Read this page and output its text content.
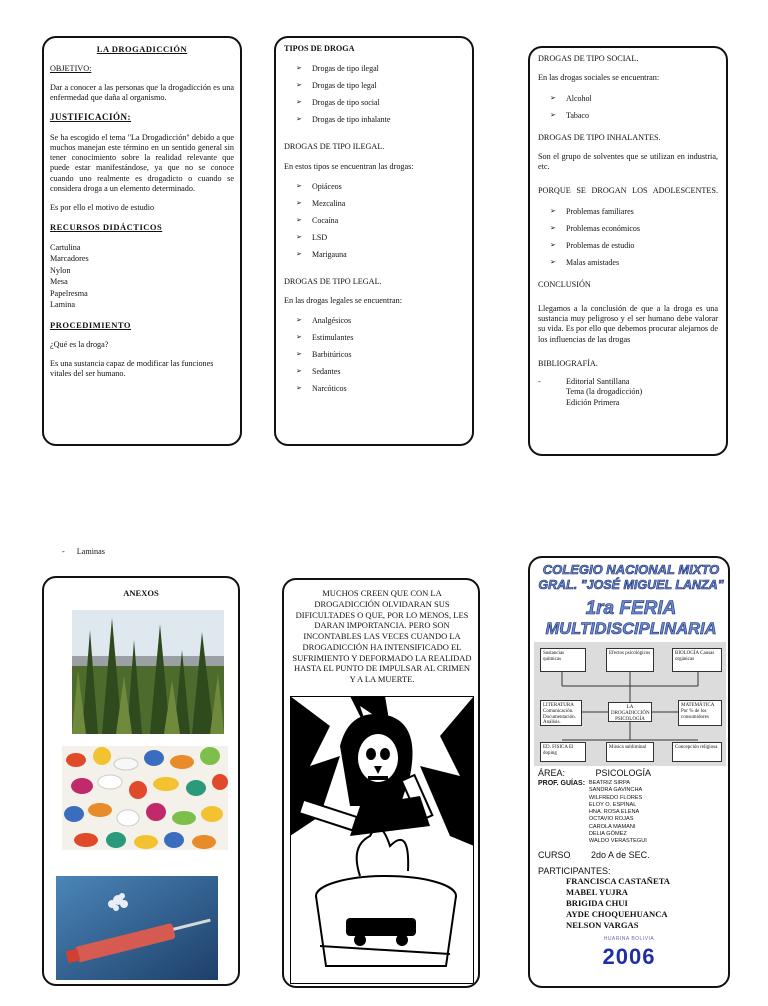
LA DROGADICCIÓN

OBJETIVO:

Dar a conocer a las personas que la drogadicción es una enfermedad que daña al organismo.

JUSTIFICACIÓN:

Se ha escogido el tema "La Drogadicción" debido a que muchos manejan este término en un sentido general sin tener conocimiento sobre la realidad relevante que puede estar manifestándose, ya que no se conoce cuando uno realmente es drogadicto o cuando se considera droga a un elemento determinado.

Es por ello el motivo de estudio

RECURSOS DIDÁCTICOS

Cartulina
Marcadores
Nylon
Mesa
Papelresma
Lamina

PROCEDIMIENTO

¿Qué es la droga?

Es una sustancia capaz de modificar las funciones vitales del ser humano.

TIPOS DE DROGA

➢ Drogas de tipo ilegal
➢ Drogas de tipo legal
➢ Drogas de tipo social
➢ Drogas de tipo inhalante

DROGAS DE TIPO ILEGAL.

En estos tipos se encuentran las drogas:

➢ Opiáceos
➢ Mezcalina
➢ Cocaína
➢ LSD
➢ Marigauna

DROGAS DE TIPO LEGAL.

En las drogas legales se encuentran:

➢ Analgésicos
➢ Estimulantes
➢ Barbitúricos
➢ Sedantes
➢ Narcóticos

DROGAS DE TIPO SOCIAL.

En las drogas sociales se encuentran:

➢ Alcohol
➢ Tabaco

DROGAS DE TIPO INHALANTES.

Son el grupo de solventes que se utilizan en industria, etc.

PORQUE SE DROGAN LOS ADOLESCENTES.

➢ Problemas familiares
➢ Problemas económicos
➢ Problemas de estudio
➢ Malas amistades

CONCLUSIÓN

Llegamos a la conclusión de que a la droga es una sustancia muy peligroso y el ser humano debe valorar su vida. Es por ello que debemos procurar alejarnos de los influencias de las drogas

BIBLIOGRAFÍA.

-	Editorial Santillana
Tema (la drogadicción)
Edición Primera
- Laminas

ANEXOS	MUCHOS CREEN QUE CON LA DROGADICCIÓN OLVIDARAN SUS DIFICULTADES O QUE, POR LO MENOS, LES DARAN IMPORTANCIA. PERO SON INCONTABLES LAS VECES CUANDO LA DROGADICCIÓN HA INTENSIFICADO EL SUFRIMIENTO Y DEFORMADO LA REALIDAD HASTA EL PUNTO DE IMPULSAR AL CRIMEN Y A LA MUERTE.

COLEGIO NACIONAL MIXTO
GRAL. "JOSÉ MIGUEL LANZA"
1ra FERIA
MULTIDISCIPLINARIA
Sustancias químicas
Efectos psicológicos	BIOLOGÍA Causas orgánicas
LITERATURA Comunicación. Documentación. Análisis.
LA DROGADICCIÓN PSICOLOGÍA
MATEMÁTICA Por % de los consumidores
ED. FISICA El doping
Música subliminal	Concepción religiosa
ÁREA:	PSICOLOGÍA
PROF. GUÍAS: BEATRIZ SIRPA
SANDRA GAVINCHA
WILFREDO FLORES
ELOY O. ESPINAL
HNA. ROSA ELENA
OCTAVIO ROJAS
CAROLA MAMANI
DELIA GÓMEZ
WALDO VERASTEGUI
CURSO 2do A de SEC.
PARTICIPANTES:
FRANCISCA CASTAÑETA
MABEL YUJRA
BRIGIDA CHUI
AYDE CHOQUEHUANCA
NELSON VARGAS
HUARINA BOLIVIA
2006
